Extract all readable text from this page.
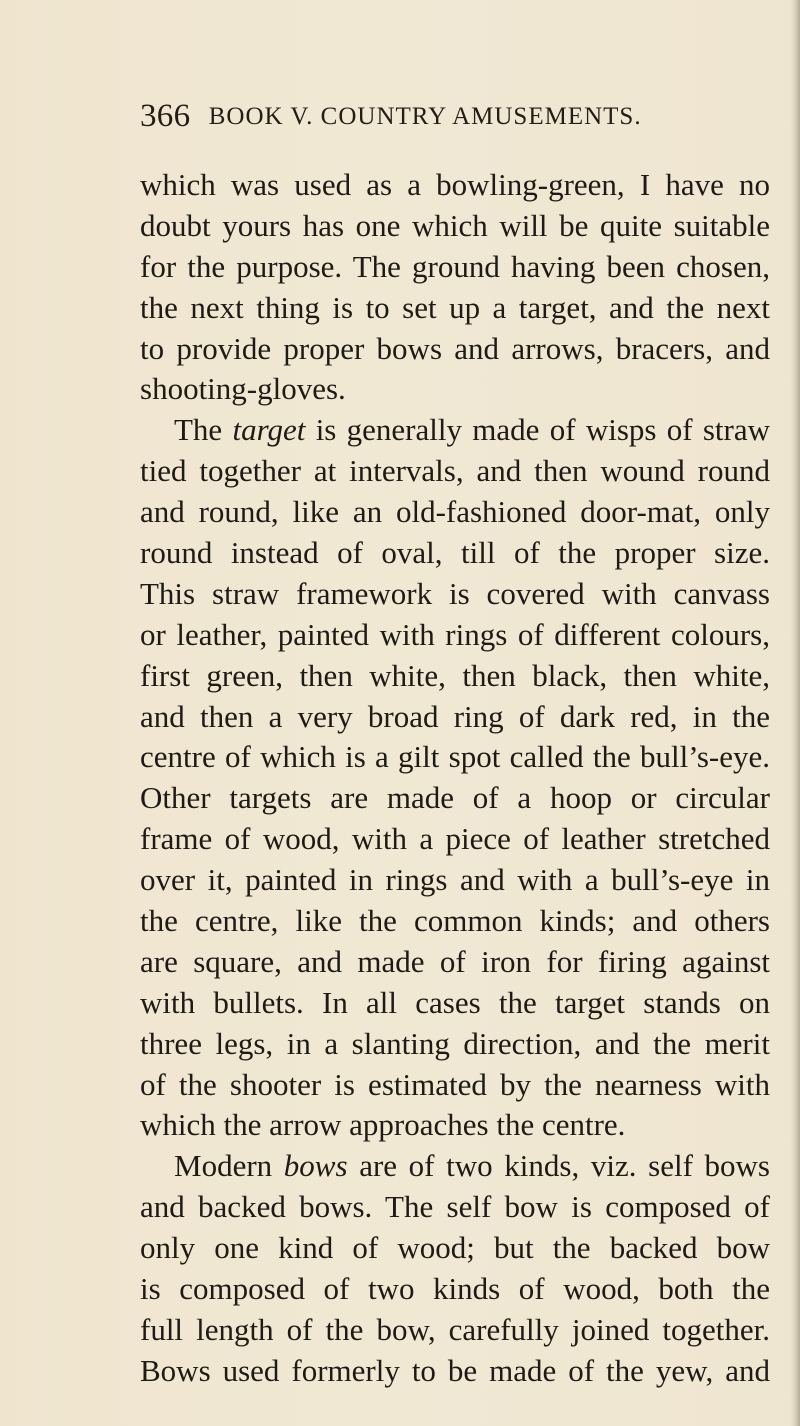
366 BOOK V. COUNTRY AMUSEMENTS.
which was used as a bowling-green, I have no
doubt yours has one which will be quite suitable
for the purpose. The ground having been chosen,
the next thing is to set up a target, and the next
to provide proper bows and arrows, bracers, and
shooting-gloves.
The target is generally made of wisps of straw
tied together at intervals, and then wound round
and round, like an old-fashioned door-mat, only
round instead of oval, till of the proper size.
This straw framework is covered with canvass
or leather, painted with rings of different colours,
first green, then white, then black, then white,
and then a very broad ring of dark red, in the
centre of which is a gilt spot called the bull’s-eye.
Other targets are made of a hoop or circular
frame of wood, with a piece of leather stretched
over it, painted in rings and with a bull’s-eye in
the centre, like the common kinds; and others
are square, and made of iron for firing against
with bullets. In all cases the target stands on
three legs, in a slanting direction, and the merit
of the shooter is estimated by the nearness with
which the arrow approaches the centre.
Modern bows are of two kinds, viz. self bows
and backed bows. The self bow is composed of
only one kind of wood; but the backed bow
is composed of two kinds of wood, both the
full length of the bow, carefully joined together.
Bows used formerly to be made of the yew, and
